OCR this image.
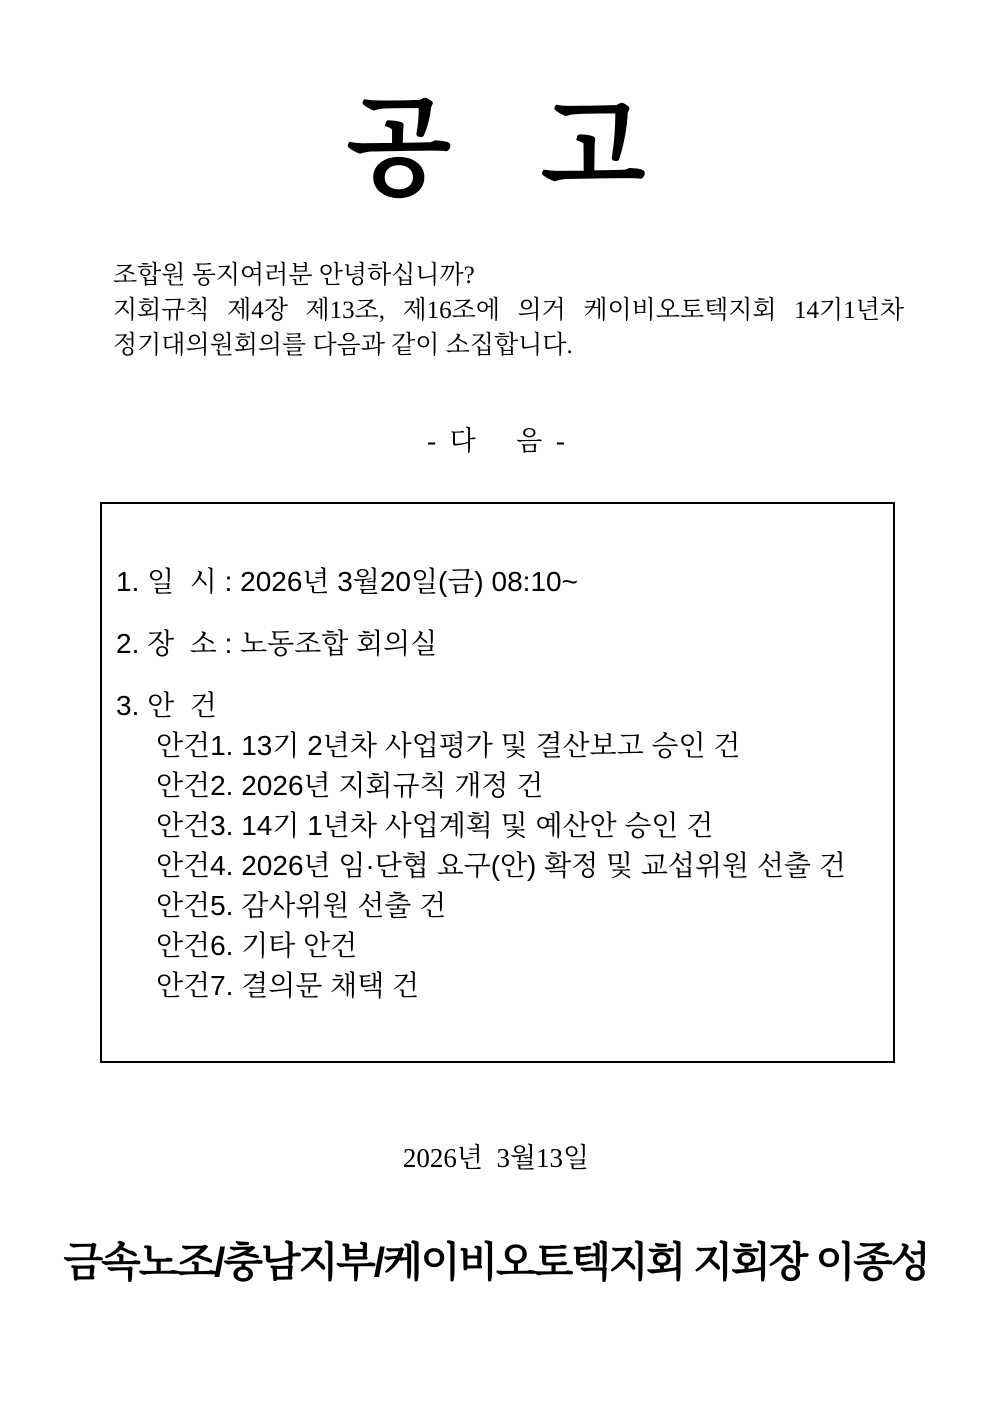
공   고
조합원 동지여러분 안녕하십니까?
지회규칙 제4장 제13조, 제16조에 의거 케이비오토텍지회 14기1년차
정기대의원회의를 다음과 같이 소집합니다.
-  다      음  -
1. 일  시 : 2026년 3월20일(금) 08:10~
2. 장  소 : 노동조합 회의실
3. 안  건
안건1. 13기 2년차 사업평가 및 결산보고 승인 건
안건2. 2026년 지회규칙 개정 건
안건3. 14기 1년차 사업계획 및 예산안 승인 건
안건4. 2026년 임·단협 요구(안) 확정 및 교섭위원 선출 건
안건5. 감사위원 선출 건
안건6. 기타 안건
안건7. 결의문 채택 건
2026년  3월13일
금속노조/충남지부/케이비오토텍지회 지회장 이종성
